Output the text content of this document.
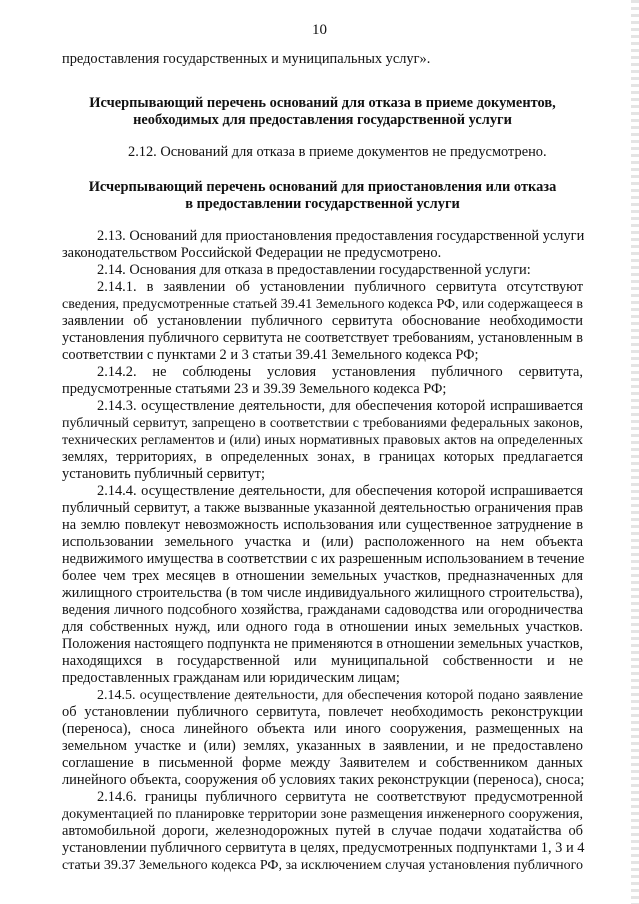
10
предоставления государственных и муниципальных услуг».
Исчерпывающий перечень оснований для отказа в приеме документов,
необходимых для предоставления государственной услуги
2.12. Оснований для отказа в приеме документов не предусмотрено.
Исчерпывающий перечень оснований для приостановления или отказа
в предоставлении государственной услуги
2.13. Оснований для приостановления предоставления государственной услуги
законодательством Российской Федерации не предусмотрено.
2.14. Основания для отказа в предоставлении государственной услуги:
2.14.1. в заявлении об установлении публичного сервитута отсутствуют
сведения, предусмотренные статьей 39.41 Земельного кодекса РФ, или содержащееся в
заявлении об установлении публичного сервитута обоснование необходимости
установления публичного сервитута не соответствует требованиям, установленным в
соответствии с пунктами 2 и 3 статьи 39.41 Земельного кодекса РФ;
2.14.2. не соблюдены условия установления публичного сервитута,
предусмотренные статьями 23 и 39.39 Земельного кодекса РФ;
2.14.3. осуществление деятельности, для обеспечения которой испрашивается
публичный сервитут, запрещено в соответствии с требованиями федеральных законов,
технических регламентов и (или) иных нормативных правовых актов на определенных
землях, территориях, в определенных зонах, в границах которых предлагается
установить публичный сервитут;
2.14.4. осуществление деятельности, для обеспечения которой испрашивается
публичный сервитут, а также вызванные указанной деятельностью ограничения прав
на землю повлекут невозможность использования или существенное затруднение в
использовании земельного участка и (или) расположенного на нем объекта
недвижимого имущества в соответствии с их разрешенным использованием в течение
более чем трех месяцев в отношении земельных участков, предназначенных для
жилищного строительства (в том числе индивидуального жилищного строительства),
ведения личного подсобного хозяйства, гражданами садоводства или огородничества
для собственных нужд, или одного года в отношении иных земельных участков.
Положения настоящего подпункта не применяются в отношении земельных участков,
находящихся в государственной или муниципальной собственности и не
предоставленных гражданам или юридическим лицам;
2.14.5. осуществление деятельности, для обеспечения которой подано заявление
об установлении публичного сервитута, повлечет необходимость реконструкции
(переноса), сноса линейного объекта или иного сооружения, размещенных на
земельном участке и (или) землях, указанных в заявлении, и не предоставлено
соглашение в письменной форме между Заявителем и собственником данных
линейного объекта, сооружения об условиях таких реконструкции (переноса), сноса;
2.14.6. границы публичного сервитута не соответствуют предусмотренной
документацией по планировке территории зоне размещения инженерного сооружения,
автомобильной дороги, железнодорожных путей в случае подачи ходатайства об
установлении публичного сервитута в целях, предусмотренных подпунктами 1, 3 и 4
статьи 39.37 Земельного кодекса РФ, за исключением случая установления публичного
